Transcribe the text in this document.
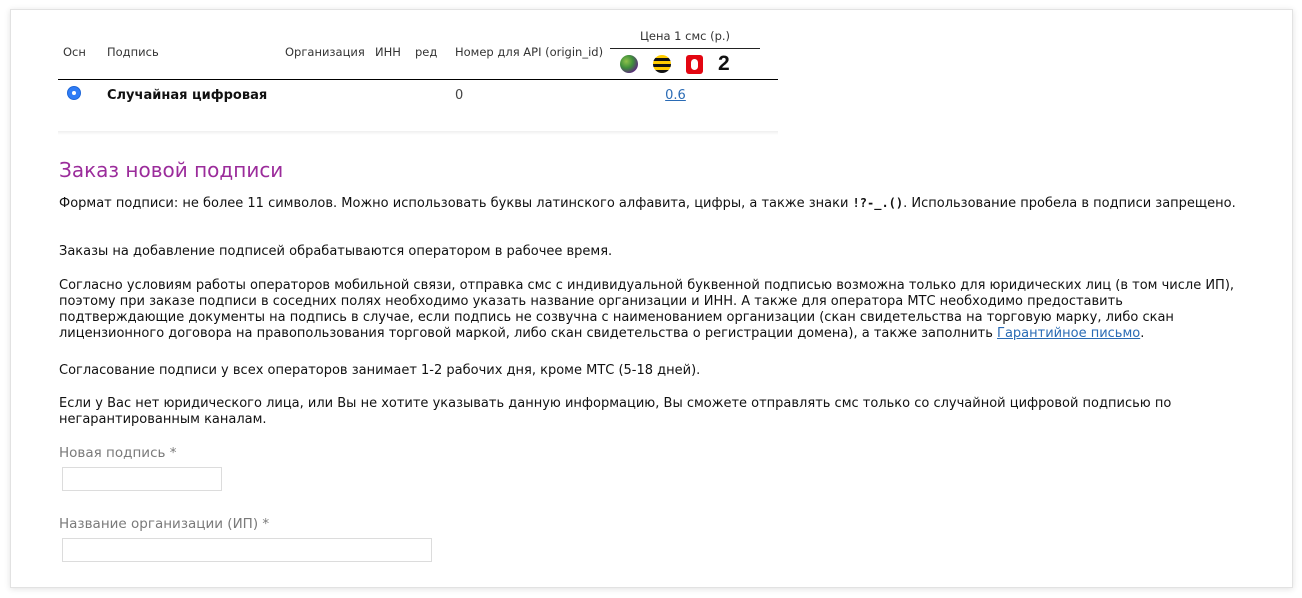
Осн	Подпись	Организация	ИНН	ред	Номер для API (origin_id)	Цена 1 смс (р.)	

						2	

	Случайная цифровая				0	0.6	
Заказ новой подписи

Формат подписи: не более 11 символов. Можно использовать буквы латинского алфавита, цифры, а также знаки !?-_.(). Использование пробела в подписи запрещено.

Заказы на добавление подписей обрабатываются оператором в рабочее время.

Согласно условиям работы операторов мобильной связи, отправка смс с индивидуальной буквенной подписью возможна только для юридических лиц (в том числе ИП), поэтому при заказе подписи в соседних полях необходимо указать название организации и ИНН. А также для оператора МТС необходимо предоставить подтверждающие документы на подпись в случае, если подпись не созвучна с наименованием организации (скан свидетельства на торговую марку, либо скан лицензионного договора на правопользования торговой маркой, либо скан свидетельства о регистрации домена), а также заполнить Гарантийное письмо.

Согласование подписи у всех операторов занимает 1-2 рабочих дня, кроме МТС (5-18 дней).

Если у Вас нет юридического лица, или Вы не хотите указывать данную информацию, Вы сможете отправлять смс только со случайной цифровой подписью по негарантированным каналам.

Новая подпись *
Название организации (ИП) *
